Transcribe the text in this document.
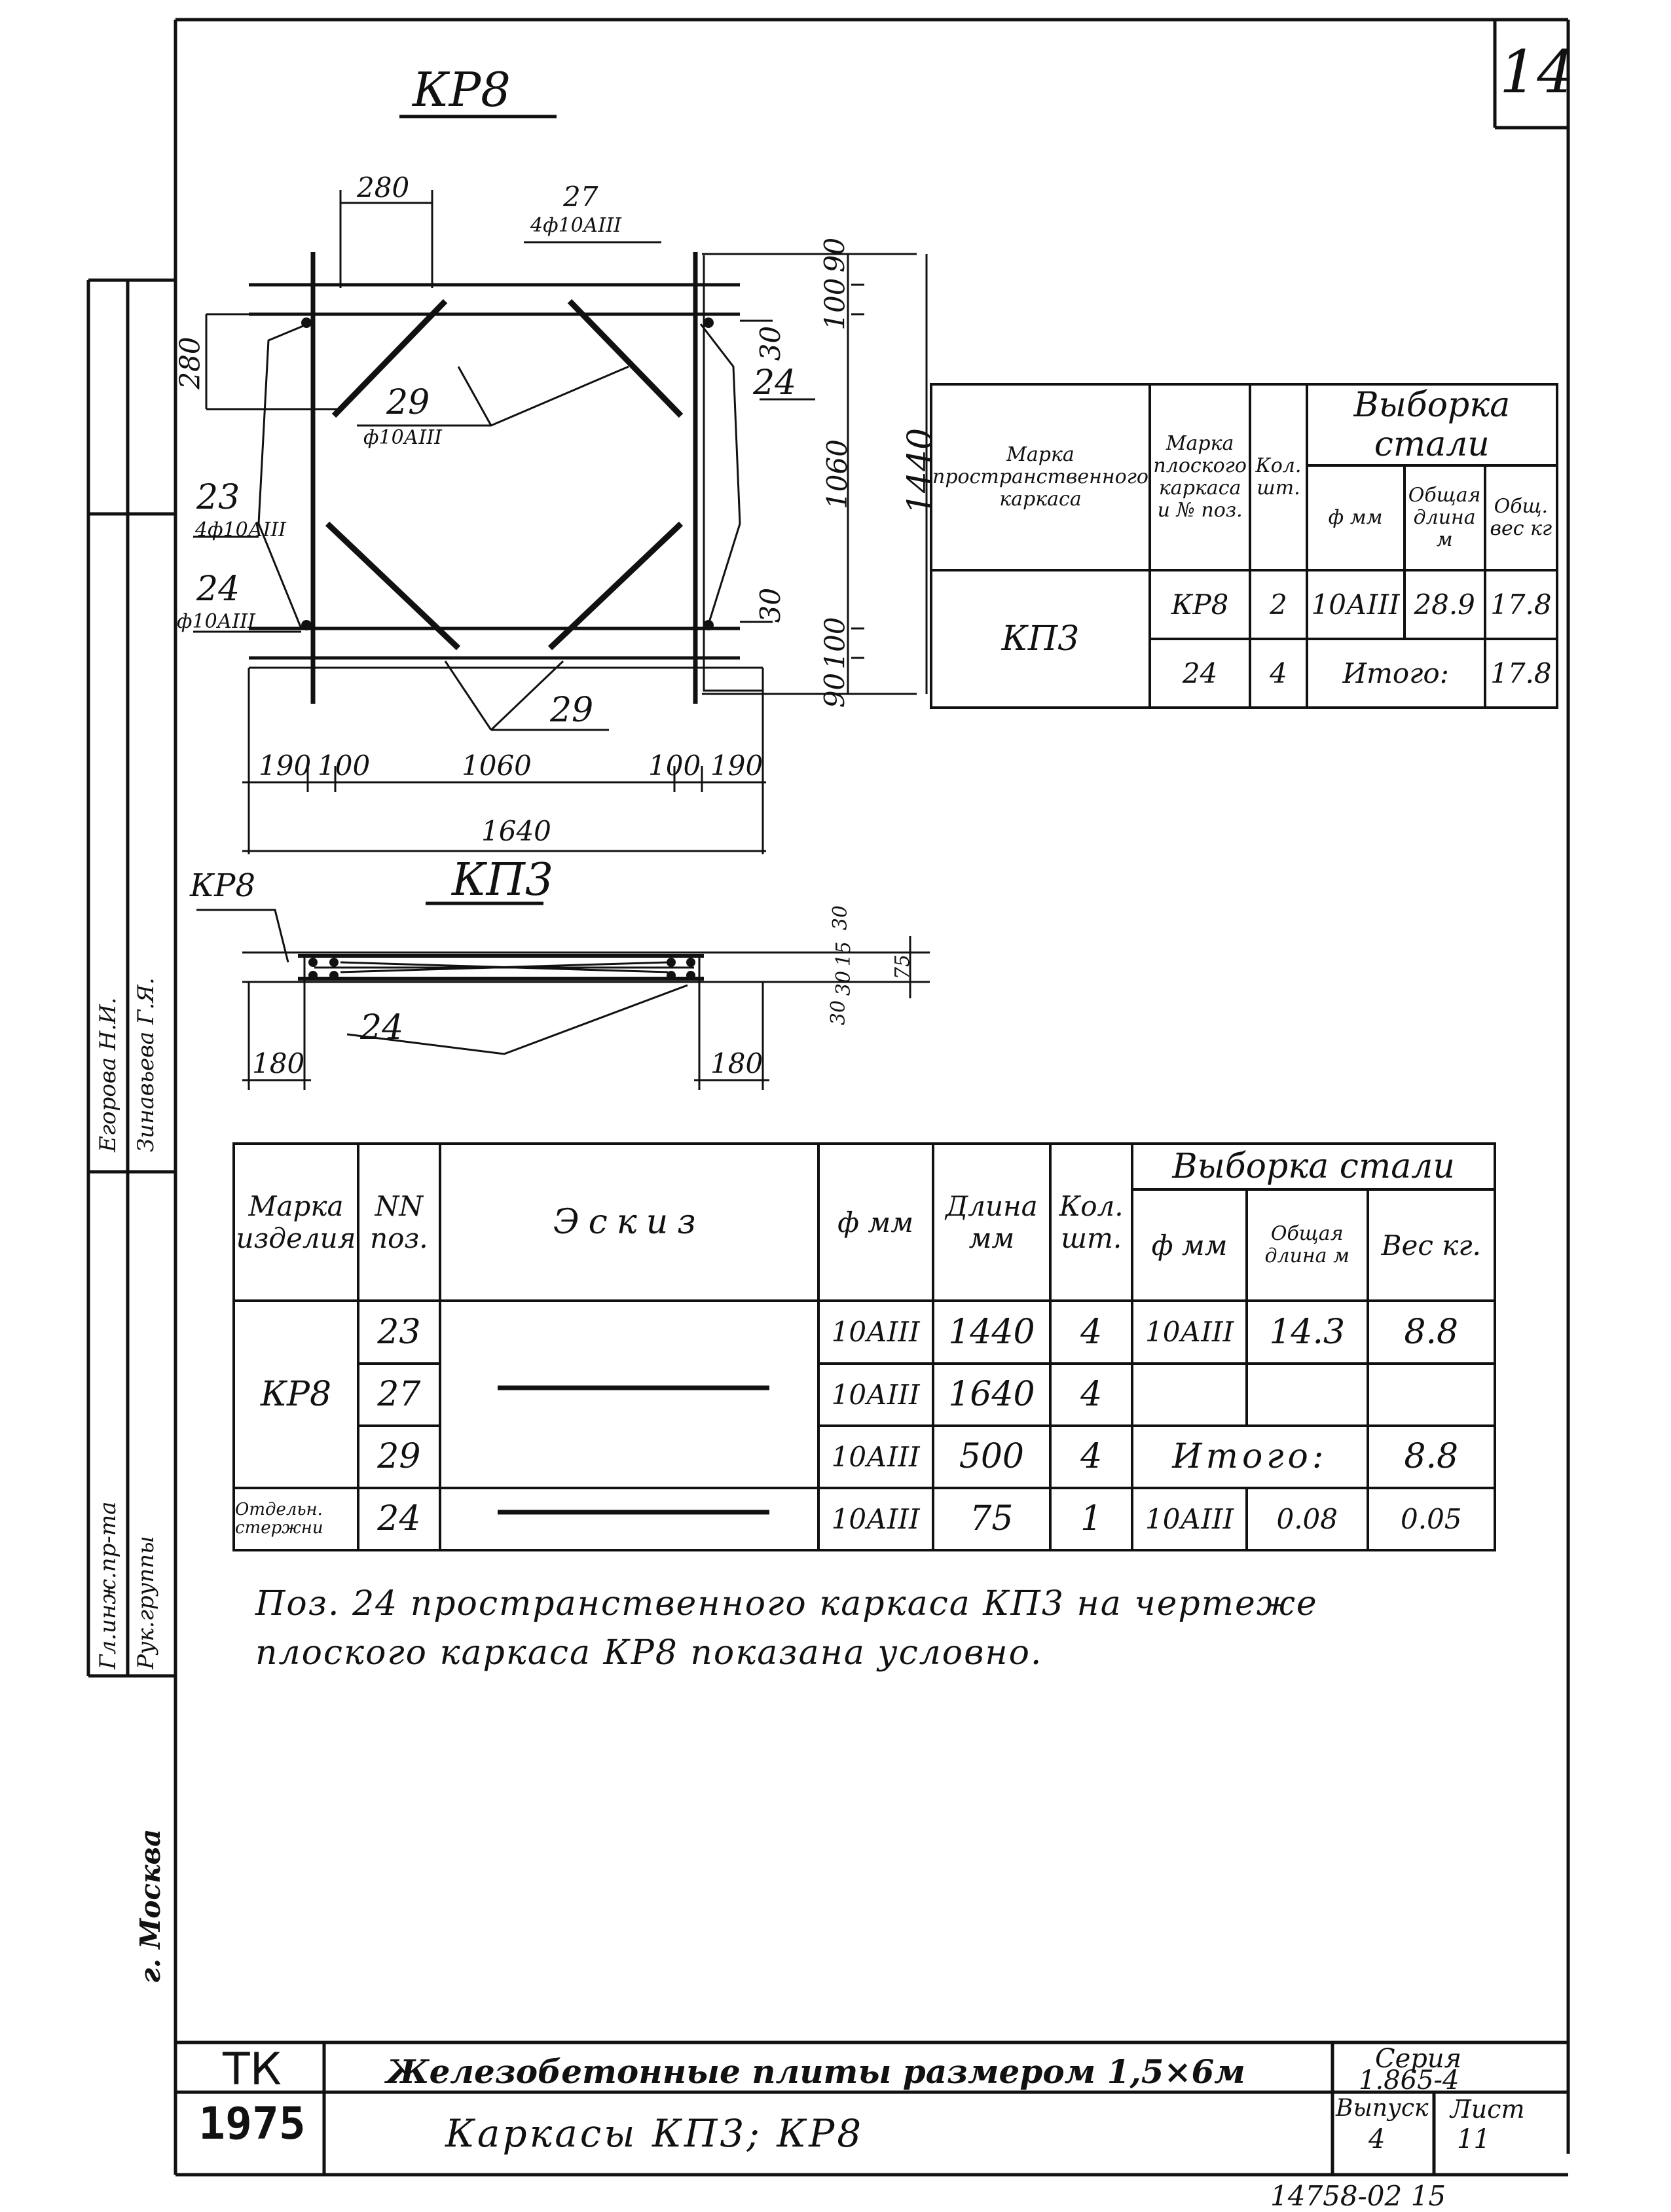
14
КР8
280	27
4ф10АIII
90
100
30
24
280
29
ф10АIII
1060 1440
23
4ф10АIII
24
ф10АIII	30
100
90
29
190 100	1060	100 190
1640
КР8	КП3
30
15
30
75
30
24
180	180
Марка пространственного каркаса	Марка плоского каркаса и № поз.	Кол. шт.	Выборка стали		
			ф мм	Общая длина м	Общ. вес кг
КП3	КР8	2	10АIII	28.9	17.8
	24	4	Итого:		17.8
Марка изделия	NN поз.	Эскиз	ф мм	Длина мм	Кол. шт.	Выборка стали		
						ф мм	Общая длина м	Вес кг.
КР8	23		10АIII	1440	4	10АIII	14.3	8.8
	27		10АIII	1640	4			
	29		10АIII	500	4	Итого:		8.8
Отдельн. стержни	24		10АIII	75	1	10АIII	0.08	0.05
Поз. 24 пространственного каркаса КП3 на чертеже
плоского каркаса КР8 показана условно.
Егорова Н.И. Зинавьева Г.Я.
Гл.инж.пр-та Рук.группы
г. Москва
ТК
1975
Железобетонные плиты размером 1,5×6м
Каркасы КП3; КР8
Серия
1.865-4
Выпуск
4
Лист
11
14758-02 15
